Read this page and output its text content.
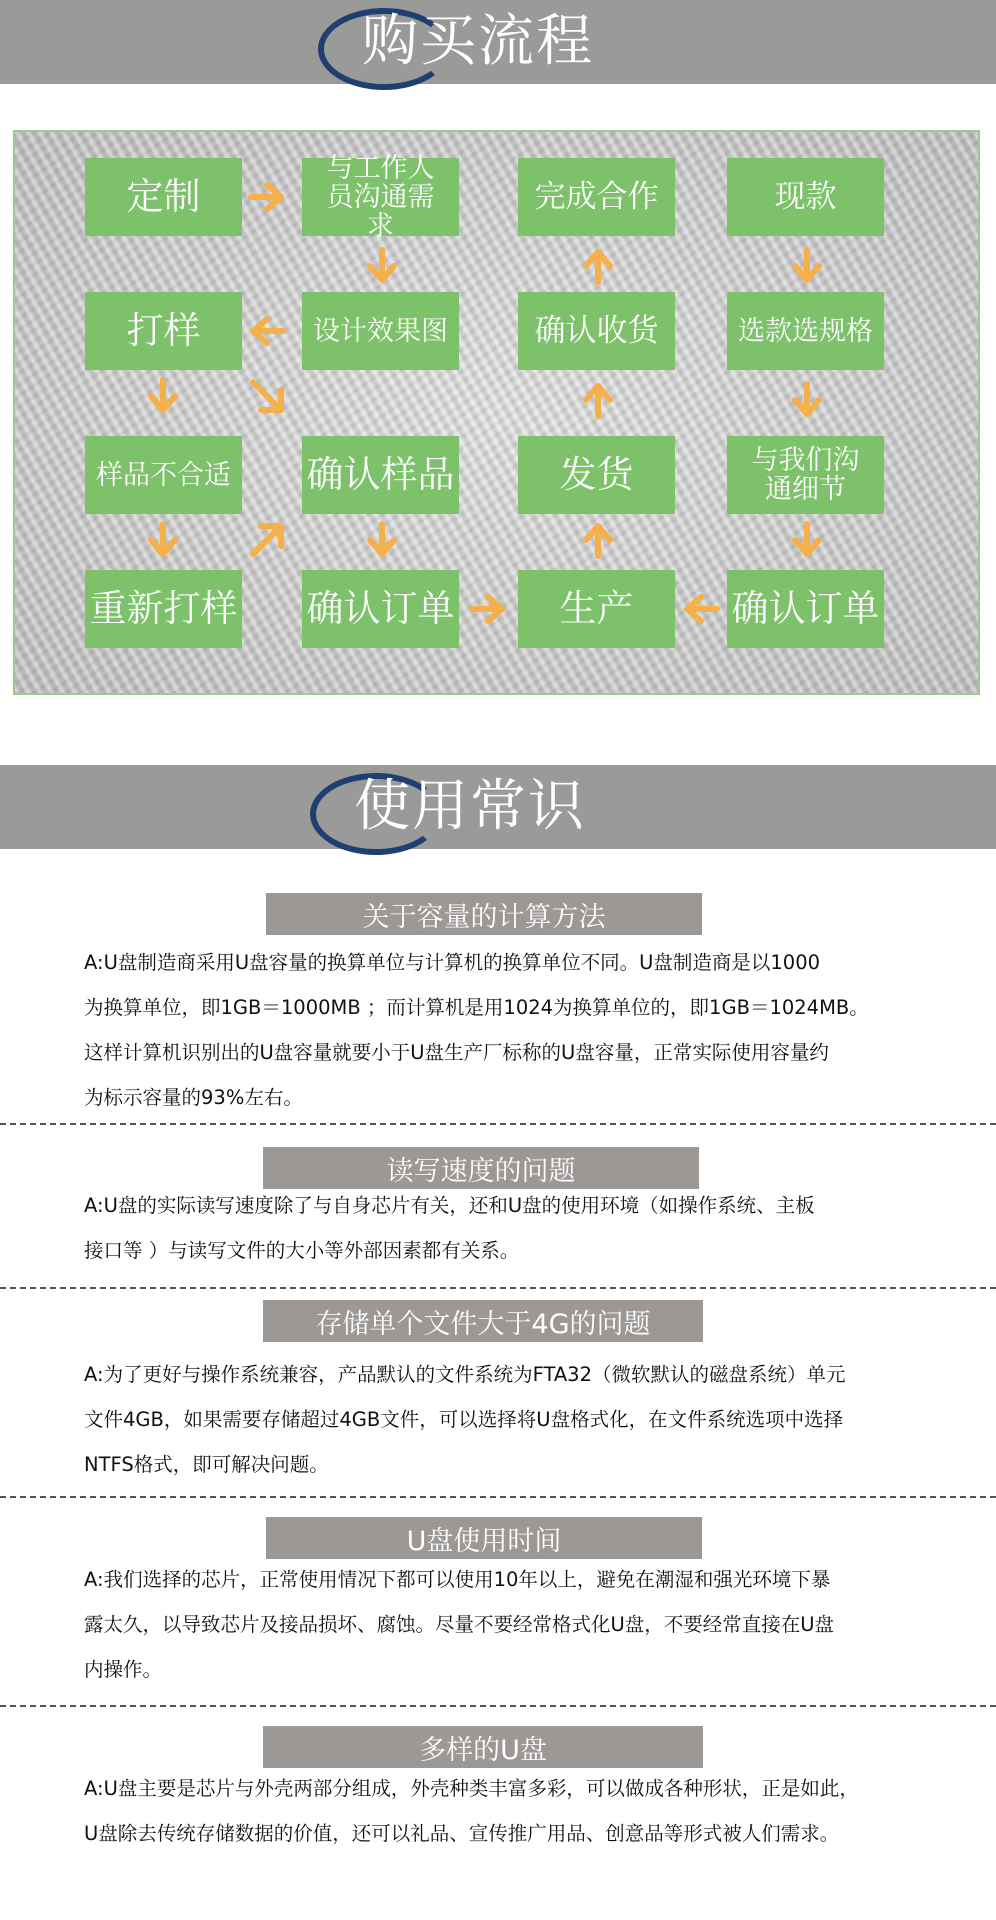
购买流程
定制
与工作人员沟通需求
完成合作	现款
打样	设计效果图	确认收货	选款选规格
样品不合适 确认样品	发货	与我们沟通细节
重新打样 确认订单	生产	确认订单
使用常识
关于容量的计算方法
A:U盘制造商采用U盘容量的换算单位与计算机的换算单位不同。U盘制造商是以1000
为换算单位，即1GB＝1000MB ；而计算机是用1024为换算单位的，即1GB＝1024MB。
这样计算机识别出的U盘容量就要小于U盘生产厂标称的U盘容量，正常实际使用容量约
为标示容量的93%左右。
读写速度的问题
A:U盘的实际读写速度除了与自身芯片有关，还和U盘的使用环境（如操作系统、主板
接口等 ）与读写文件的大小等外部因素都有关系。
存储单个文件大于4G的问题
A:为了更好与操作系统兼容，产品默认的文件系统为FTA32（微软默认的磁盘系统）单元
文件4GB，如果需要存储超过4GB文件，可以选择将U盘格式化，在文件系统选项中选择
NTFS格式，即可解决问题。
U盘使用时间
A:我们选择的芯片，正常使用情况下都可以使用10年以上，避免在潮湿和强光环境下暴
露太久，以导致芯片及接品损坏、腐蚀。尽量不要经常格式化U盘，不要经常直接在U盘
内操作。
多样的U盘
A:U盘主要是芯片与外壳两部分组成，外壳种类丰富多彩，可以做成各种形状，正是如此，
U盘除去传统存储数据的价值，还可以礼品、宣传推广用品、创意品等形式被人们需求。
